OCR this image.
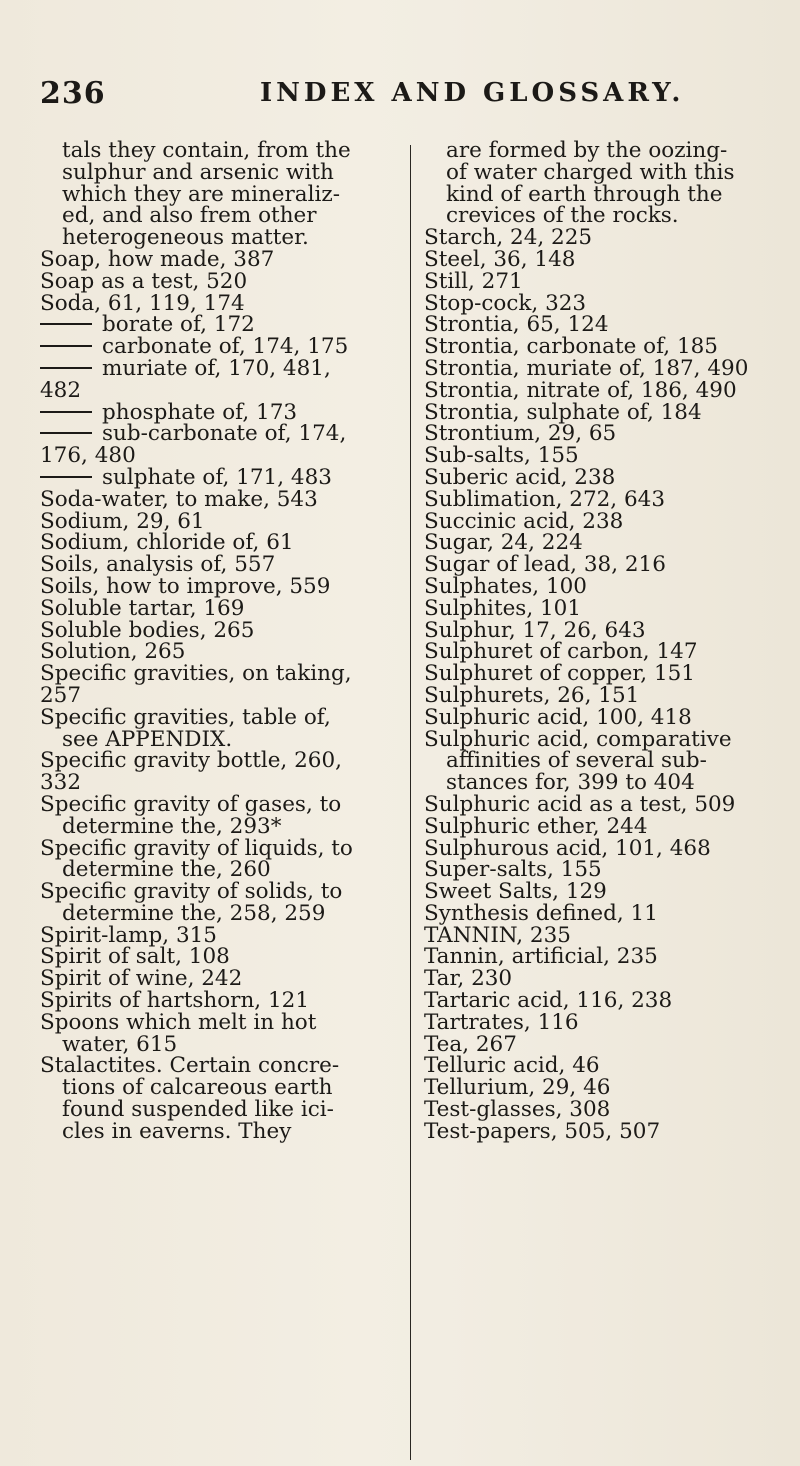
236	INDEX AND GLOSSARY.
tals they contain, from the
sulphur and arsenic with
which they are mineraliz-
ed, and also frem other
heterogeneous matter.
Soap, how made, 387
Soap as a test, 520
Soda, 61, 119, 174
borate of, 172
carbonate of, 174, 175
muriate of, 170, 481,
482
phosphate of, 173
sub-carbonate of, 174,
176, 480
sulphate of, 171, 483
Soda-water, to make, 543
Sodium, 29, 61
Sodium, chloride of, 61
Soils, analysis of, 557
Soils, how to improve, 559
Soluble tartar, 169
Soluble bodies, 265
Solution, 265
Specific gravities, on taking,
257
Specific gravities, table of,
see APPENDIX.
Specific gravity bottle, 260,
332
Specific gravity of gases, to
determine the, 293*
Specific gravity of liquids, to
determine the, 260
Specific gravity of solids, to
determine the, 258, 259
Spirit-lamp, 315
Spirit of salt, 108
Spirit of wine, 242
Spirits of hartshorn, 121
Spoons which melt in hot
water, 615
Stalactites. Certain concre-
tions of calcareous earth
found suspended like ici-
cles in eaverns. They
are formed by the oozing-
of water charged with this
kind of earth through the
crevices of the rocks.
Starch, 24, 225
Steel, 36, 148
Still, 271
Stop-cock, 323
Strontia, 65, 124
Strontia, carbonate of, 185
Strontia, muriate of, 187, 490
Strontia, nitrate of, 186, 490
Strontia, sulphate of, 184
Strontium, 29, 65
Sub-salts, 155
Suberic acid, 238
Sublimation, 272, 643
Succinic acid, 238
Sugar, 24, 224
Sugar of lead, 38, 216
Sulphates, 100
Sulphites, 101
Sulphur, 17, 26, 643
Sulphuret of carbon, 147
Sulphuret of copper, 151
Sulphurets, 26, 151
Sulphuric acid, 100, 418
Sulphuric acid, comparative
affinities of several sub-
stances for, 399 to 404
Sulphuric acid as a test, 509
Sulphuric ether, 244
Sulphurous acid, 101, 468
Super-salts, 155
Sweet Salts, 129
Synthesis defined, 11
TANNIN, 235
Tannin, artificial, 235
Tar, 230
Tartaric acid, 116, 238
Tartrates, 116
Tea, 267
Telluric acid, 46
Tellurium, 29, 46
Test-glasses, 308
Test-papers, 505, 507
